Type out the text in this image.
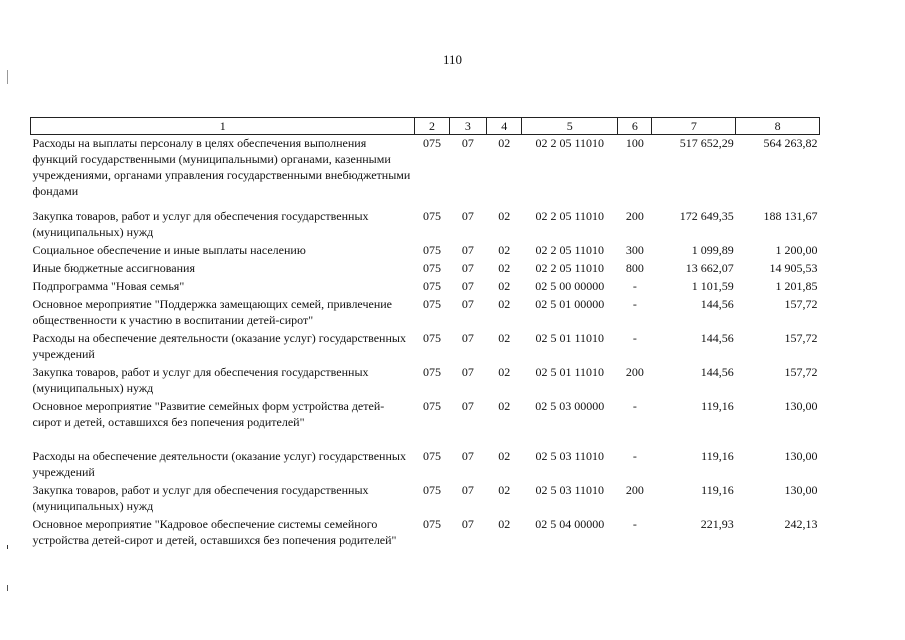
110
1	2	3	4	5	6	7	8
Расходы на выплаты персоналу в целях обеспечения выполнения функций государственными (муниципальными) органами, казенными учреждениями, органами управления государственными внебюджетными фондами	075	07	02	02 2 05 11010	100	517 652,29	564 263,82
Закупка товаров, работ и услуг для обеспечения государственных (муниципальных) нужд	075	07	02	02 2 05 11010	200	172 649,35	188 131,67
Социальное обеспечение и иные выплаты населению	075	07	02	02 2 05 11010	300	1 099,89	1 200,00
Иные бюджетные ассигнования	075	07	02	02 2 05 11010	800	13 662,07	14 905,53
Подпрограмма "Новая семья"	075	07	02	02 5 00 00000	-	1 101,59	1 201,85
Основное мероприятие "Поддержка замещающих семей, привлечение общественности к участию в воспитании детей-сирот"	075	07	02	02 5 01 00000	-	144,56	157,72
Расходы на обеспечение деятельности (оказание услуг) государственных учреждений	075	07	02	02 5 01 11010	-	144,56	157,72
Закупка товаров, работ и услуг для обеспечения государственных (муниципальных) нужд	075	07	02	02 5 01 11010	200	144,56	157,72
Основное мероприятие "Развитие семейных форм устройства детей-сирот и детей, оставшихся без попечения родителей"	075	07	02	02 5 03 00000	-	119,16	130,00
Расходы на обеспечение деятельности (оказание услуг) государственных учреждений	075	07	02	02 5 03 11010	-	119,16	130,00
Закупка товаров, работ и услуг для обеспечения государственных (муниципальных) нужд	075	07	02	02 5 03 11010	200	119,16	130,00
Основное мероприятие "Кадровое обеспечение системы семейного устройства детей-сирот и детей, оставшихся без попечения родителей"	075	07	02	02 5 04 00000	-	221,93	242,13
